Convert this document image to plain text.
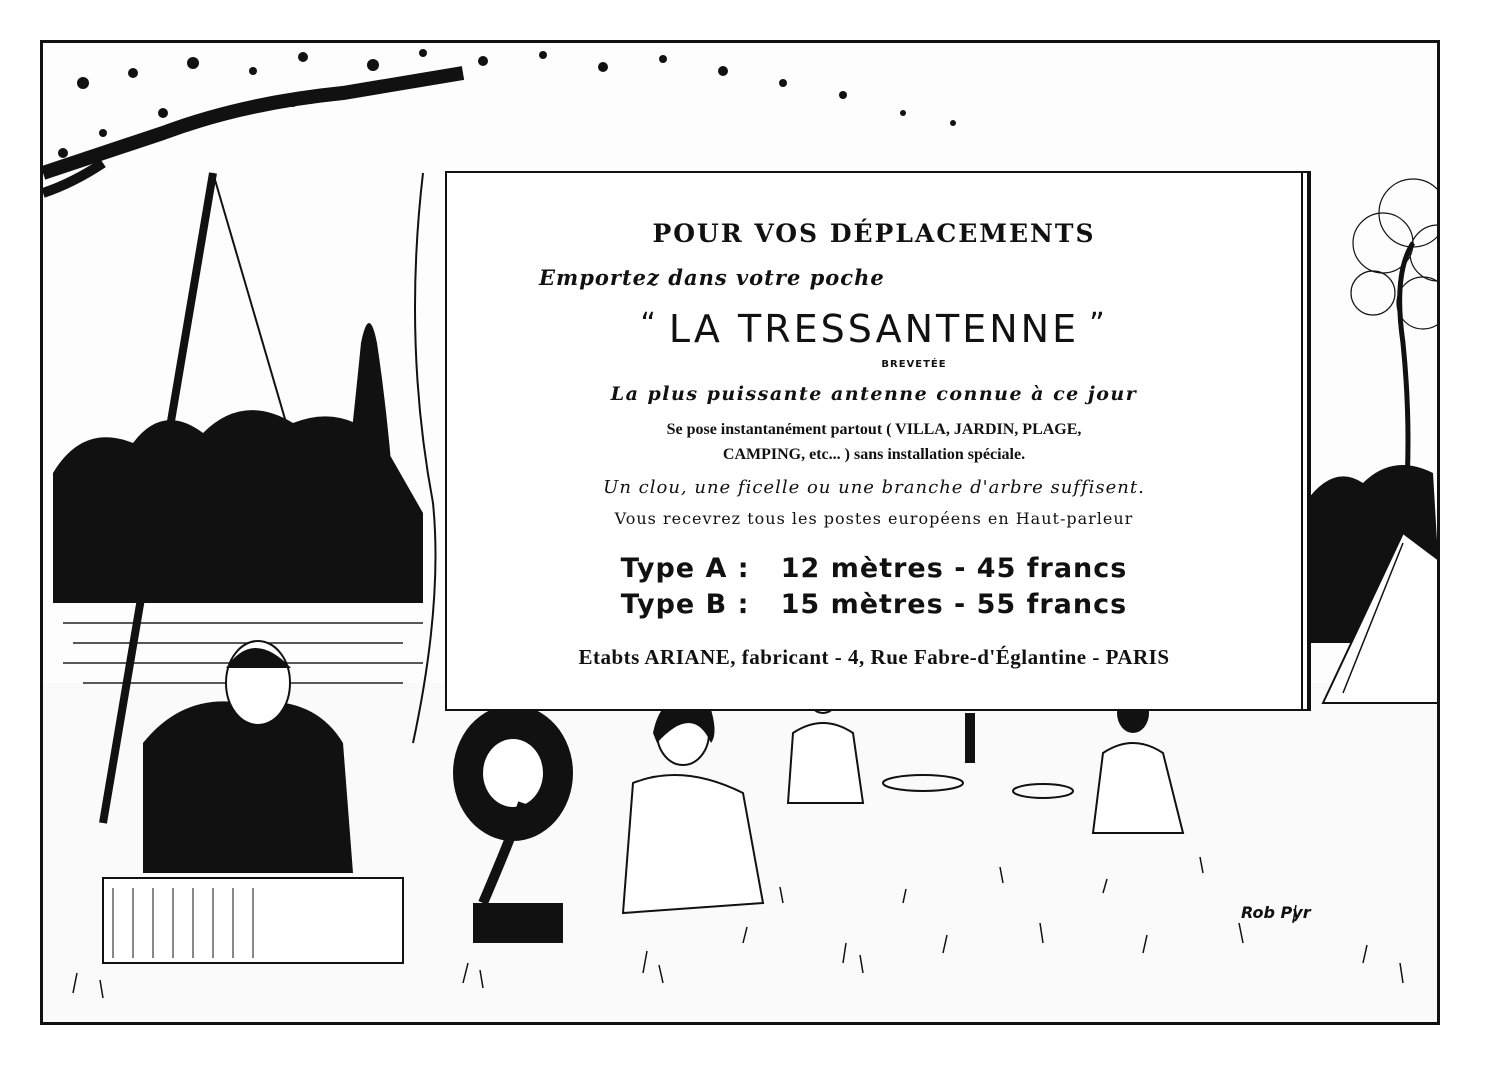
POUR VOS DÉPLACEMENTS
Emportez dans votre poche
“ LA TRESSANTENNE ”
BREVETÉE
La plus puissante antenne connue à ce jour
Se pose instantanément partout ( VILLA, JARDIN, PLAGE,
CAMPING, etc... ) sans installation spéciale.
Un clou, une ficelle ou une branche d'arbre suffisent.
Vous recevrez tous les postes européens en Haut-parleur
Type A :   12 mètres - 45 francs
Type B :   15 mètres - 55 francs
Etabts ARIANE, fabricant - 4, Rue Fabre-d'Églantine - PARIS
Rob Pyr
